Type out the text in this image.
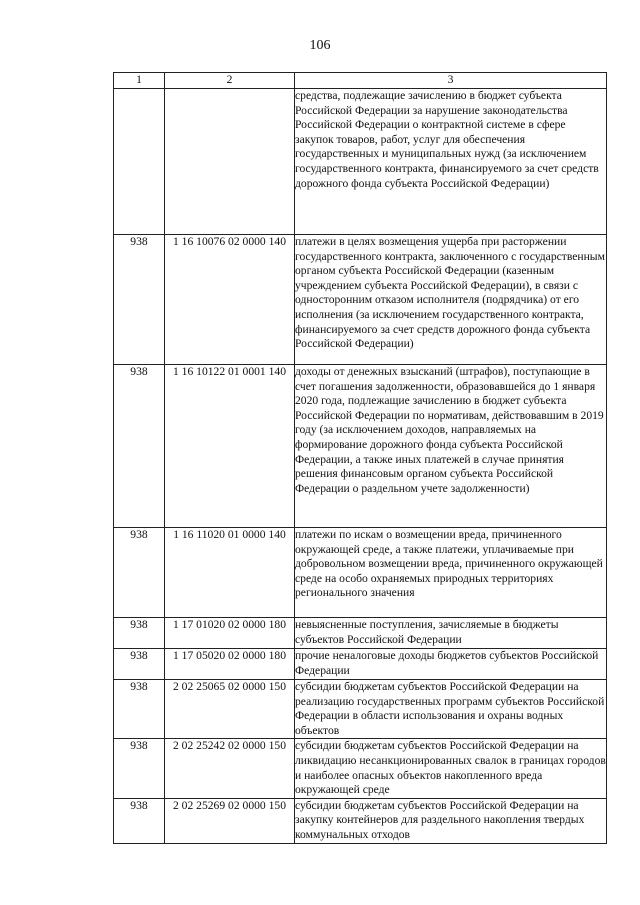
106
1	2	3
		средства, подлежащие зачислению в бюджет субъекта Российской Федерации за нарушение законодательства Российской Федерации о контрактной системе в сфере закупок товаров, работ, услуг для обеспечения государственных и муниципальных нужд (за исключением государственного контракта, финансируемого за счет средств дорожного фонда субъекта Российской Федерации)
938	1 16 10076 02 0000 140	платежи в целях возмещения ущерба при расторжении государственного контракта, заключенного с государственным органом субъекта Российской Федерации (казенным учреждением субъекта Российской Федерации), в связи с односторонним отказом исполнителя (подрядчика) от его исполнения (за исключением государственного контракта, финансируемого за счет средств дорожного фонда субъекта Российской Федерации)
938	1 16 10122 01 0001 140	доходы от денежных взысканий (штрафов), поступающие в счет погашения задолженности, образовавшейся до 1 января 2020 года, подлежащие зачислению в бюджет субъекта Российской Федерации по нормативам, действовавшим в 2019 году (за исключением доходов, направляемых на формирование дорожного фонда субъекта Российской Федерации, а также иных платежей в случае принятия решения финансовым органом субъекта Российской Федерации о раздельном учете задолженности)
938	1 16 11020 01 0000 140	платежи по искам о возмещении вреда, причиненного окружающей среде, а также платежи, уплачиваемые при добровольном возмещении вреда, причиненного окружающей среде на особо охраняемых природных территориях регионального значения
938	1 17 01020 02 0000 180	невыясненные поступления, зачисляемые в бюджеты субъектов Российской Федерации
938	1 17 05020 02 0000 180	прочие неналоговые доходы бюджетов субъектов Российской Федерации
938	2 02 25065 02 0000 150	субсидии бюджетам субъектов Российской Федерации на реализацию государственных программ субъектов Российской Федерации в области использования и охраны водных объектов
938	2 02 25242 02 0000 150	субсидии бюджетам субъектов Российской Федерации на ликвидацию несанкционированных свалок в границах городов и наиболее опасных объектов накопленного вреда окружающей среде
938	2 02 25269 02 0000 150	субсидии бюджетам субъектов Российской Федерации на закупку контейнеров для раздельного накопления твердых коммунальных отходов
